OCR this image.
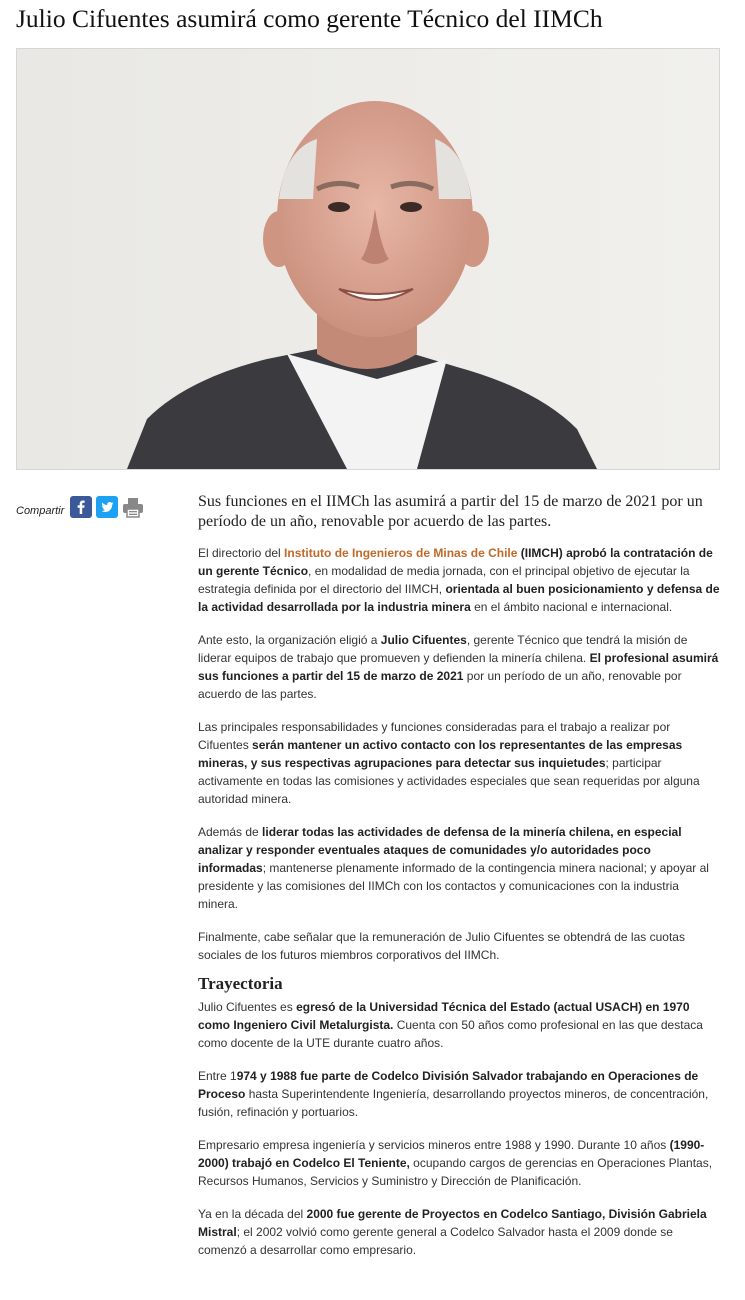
Julio Cifuentes asumirá como gerente Técnico del IIMCh
Compartir

Sus funciones en el IIMCh las asumirá a partir del 15 de marzo de 2021 por un período de un año, renovable por acuerdo de las partes.

El directorio del Instituto de Ingenieros de Minas de Chile (IIMCH) aprobó la contratación de un gerente Técnico, en modalidad de media jornada, con el principal objetivo de ejecutar la estrategia definida por el directorio del IIMCH, orientada al buen posicionamiento y defensa de la actividad desarrollada por la industria minera en el ámbito nacional e internacional.

Ante esto, la organización eligió a Julio Cifuentes, gerente Técnico que tendrá la misión de liderar equipos de trabajo que promueven y defienden la minería chilena. El profesional asumirá sus funciones a partir del 15 de marzo de 2021 por un período de un año, renovable por acuerdo de las partes.

Las principales responsabilidades y funciones consideradas para el trabajo a realizar por Cifuentes serán mantener un activo contacto con los representantes de las empresas mineras, y sus respectivas agrupaciones para detectar sus inquietudes; participar activamente en todas las comisiones y actividades especiales que sean requeridas por alguna autoridad minera.

Además de liderar todas las actividades de defensa de la minería chilena, en especial analizar y responder eventuales ataques de comunidades y/o autoridades poco informadas; mantenerse plenamente informado de la contingencia minera nacional; y apoyar al presidente y las comisiones del IIMCh con los contactos y comunicaciones con la industria minera.

Finalmente, cabe señalar que la remuneración de Julio Cifuentes se obtendrá de las cuotas sociales de los futuros miembros corporativos del IIMCh.

Trayectoria

Julio Cifuentes es egresó de la Universidad Técnica del Estado (actual USACH) en 1970 como Ingeniero Civil Metalurgista. Cuenta con 50 años como profesional en las que destaca como docente de la UTE durante cuatro años.

Entre 1974 y 1988 fue parte de Codelco División Salvador trabajando en Operaciones de Proceso hasta Superintendente Ingeniería, desarrollando proyectos mineros, de concentración, fusión, refinación y portuarios.

Empresario empresa ingeniería y servicios mineros entre 1988 y 1990. Durante 10 años (1990-2000) trabajó en Codelco El Teniente, ocupando cargos de gerencias en Operaciones Plantas, Recursos Humanos, Servicios y Suministro y Dirección de Planificación.

Ya en la década del 2000 fue gerente de Proyectos en Codelco Santiago, División Gabriela Mistral; el 2002 volvió como gerente general a Codelco Salvador hasta el 2009 donde se comenzó a desarrollar como empresario.
